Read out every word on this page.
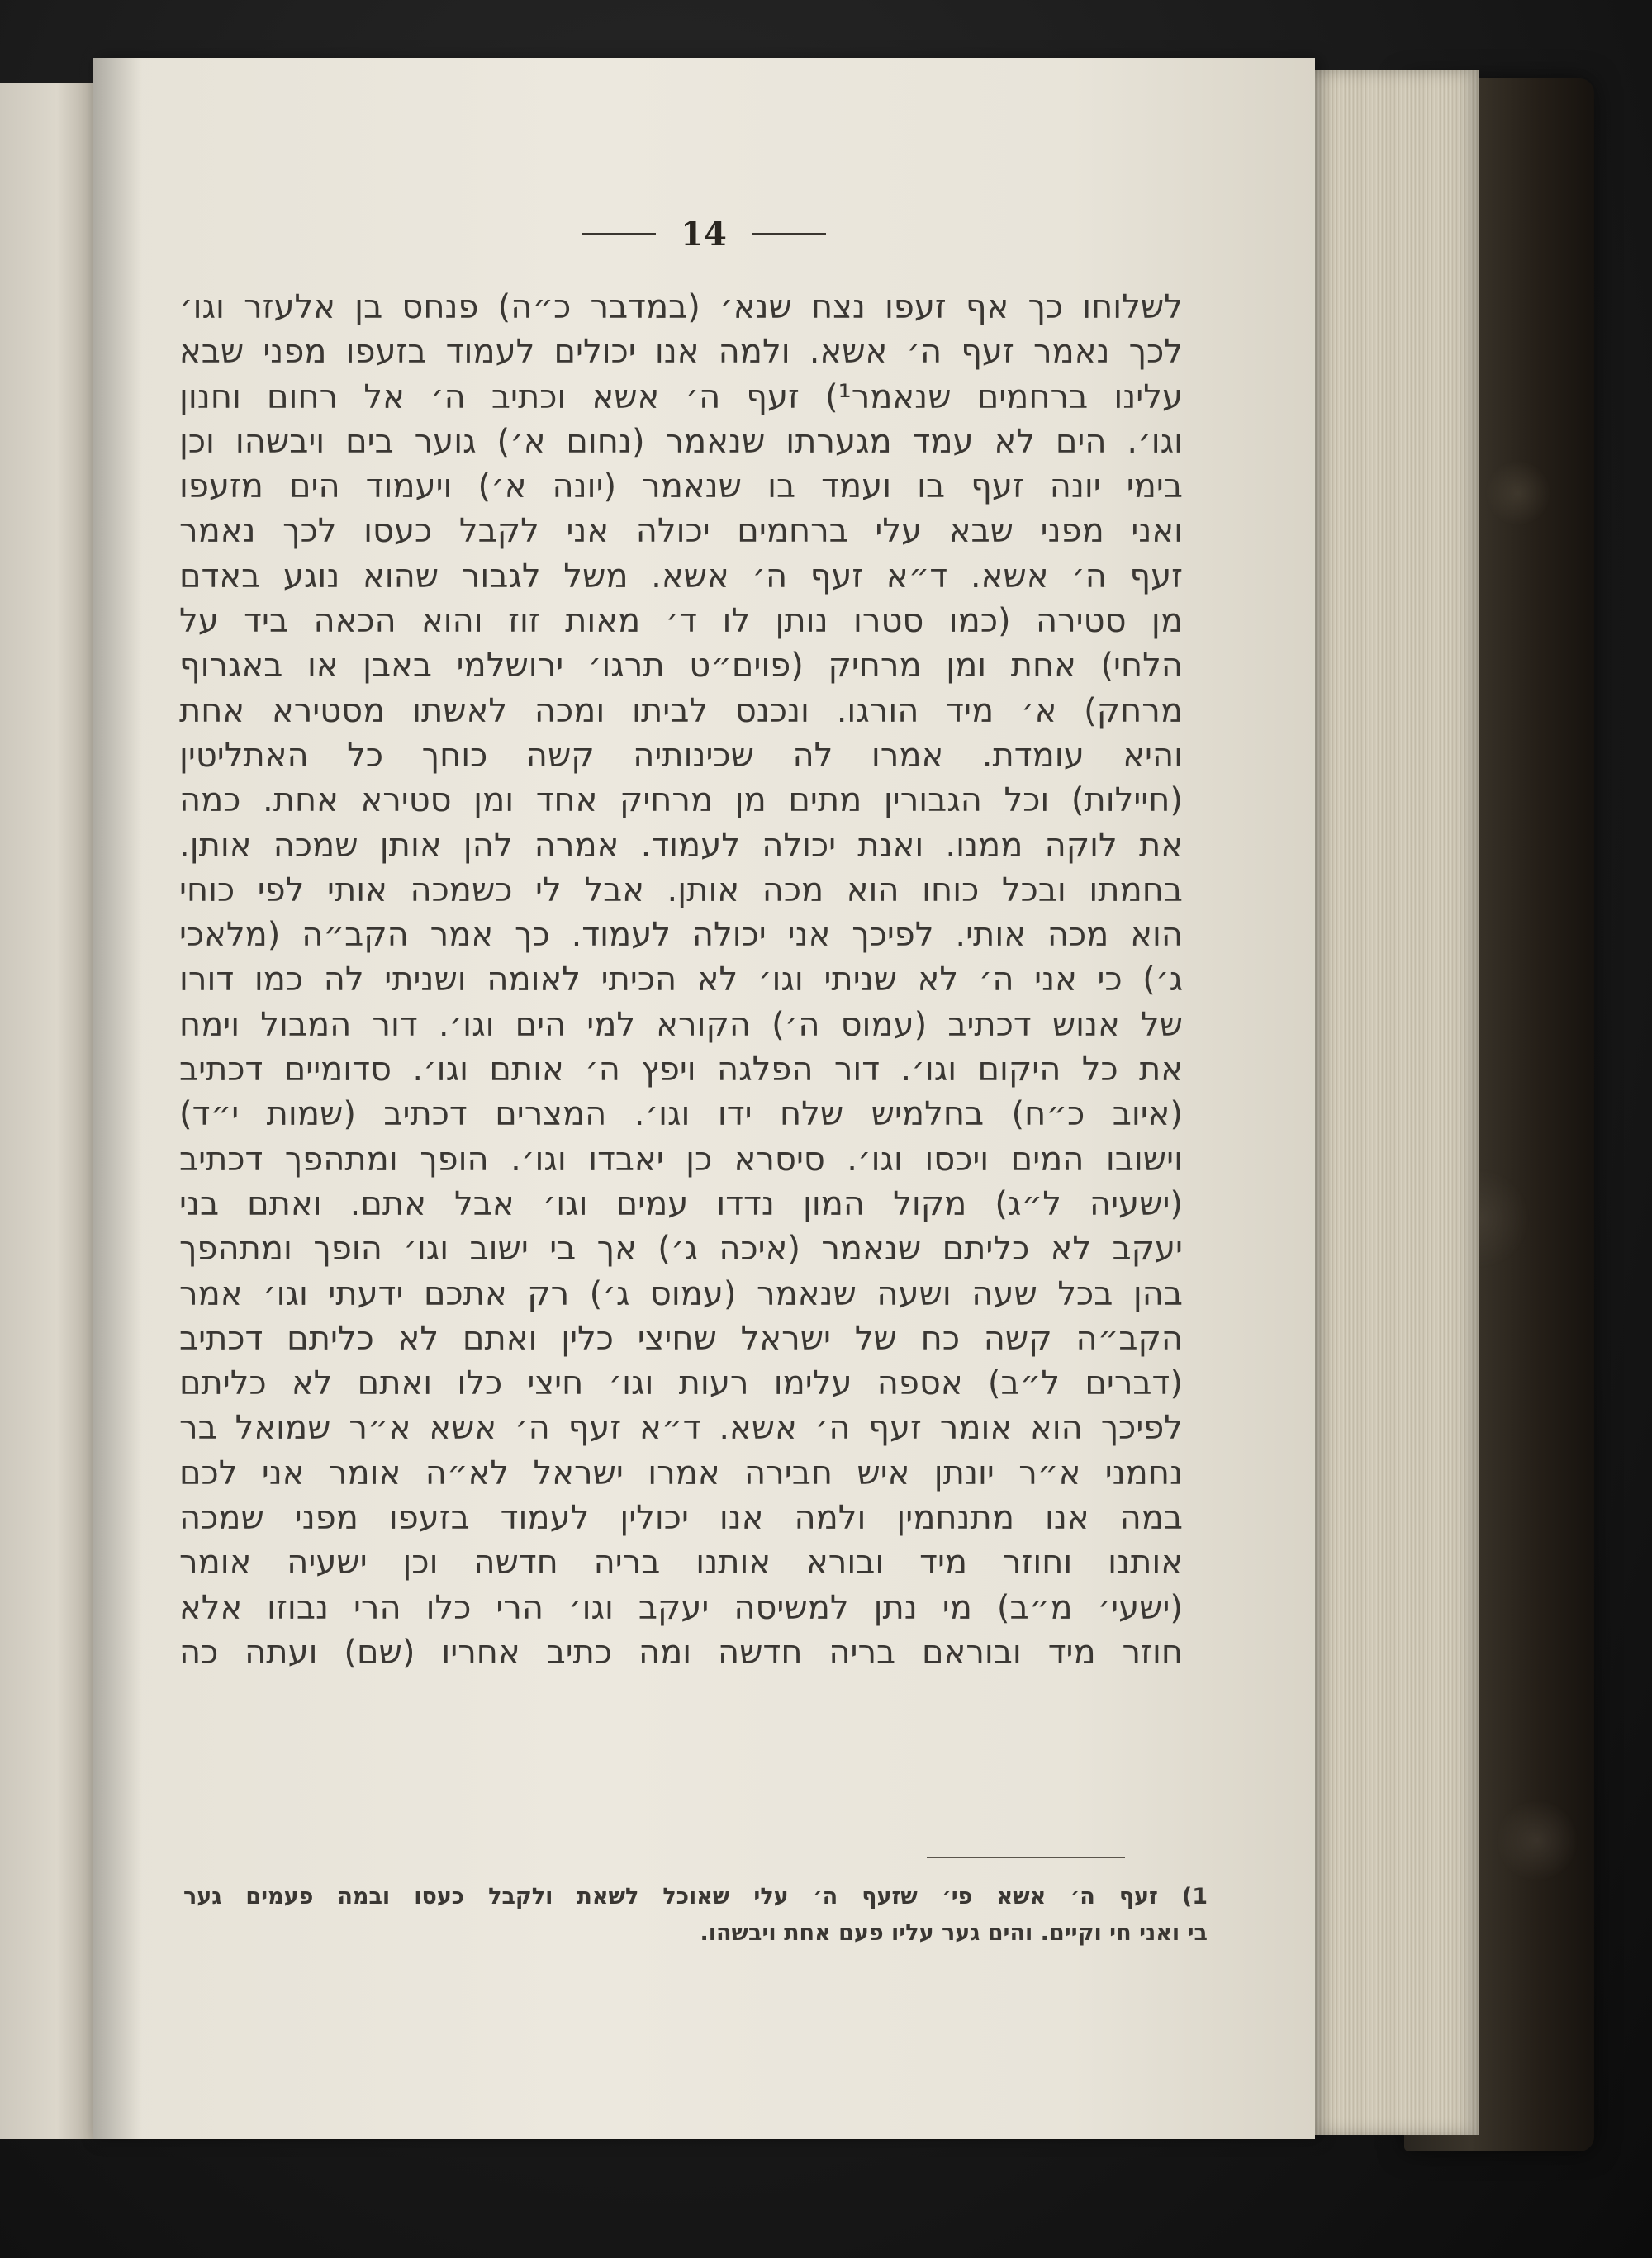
14
לשלוחו כך אף זעפו נצח שנא׳ (במדבר כ״ה) פנחס בן אלעזר וגו׳
לכך נאמר זעף ה׳ אשא. ולמה אנו יכולים לעמוד בזעפו מפני שבא
עלינו ברחמים שנאמר¹) זעף ה׳ אשא וכתיב ה׳ אל רחום וחנון
וגו׳. הים לא עמד מגערתו שנאמר (נחום א׳) גוער בים ויבשהו וכן
בימי יונה זעף בו ועמד בו שנאמר (יונה א׳) ויעמוד הים מזעפו
ואני מפני שבא עלי ברחמים יכולה אני לקבל כעסו לכך נאמר
זעף ה׳ אשא. ד״א זעף ה׳ אשא. משל לגבור שהוא נוגע באדם
מן סטירה (כמו סטרו נותן לו ד׳ מאות זוז והוא הכאה ביד על
הלחי) אחת ומן מרחיק (פוים״ט תרגו׳ ירושלמי באבן או באגרוף
מרחק) א׳ מיד הורגו. ונכנס לביתו ומכה לאשתו מסטירא אחת
והיא עומדת. אמרו לה שכינותיה קשה כוחך כל האתליטין
(חיילות) וכל הגבורין מתים מן מרחיק אחד ומן סטירא אחת. כמה
את לוקה ממנו. ואנת יכולה לעמוד. אמרה להן אותן שמכה אותן.
בחמתו ובכל כוחו הוא מכה אותן. אבל לי כשמכה אותי לפי כוחי
הוא מכה אותי. לפיכך אני יכולה לעמוד. כך אמר הקב״ה (מלאכי
ג׳) כי אני ה׳ לא שניתי וגו׳ לא הכיתי לאומה ושניתי לה כמו דורו
של אנוש דכתיב (עמוס ה׳) הקורא למי הים וגו׳. דור המבול וימח
את כל היקום וגו׳. דור הפלגה ויפץ ה׳ אותם וגו׳. סדומיים דכתיב
(איוב כ״ח) בחלמיש שלח ידו וגו׳. המצרים דכתיב (שמות י״ד)
וישובו המים ויכסו וגו׳. סיסרא כן יאבדו וגו׳. הופך ומתהפך דכתיב
(ישעיה ל״ג) מקול המון נדדו עמים וגו׳ אבל אתם. ואתם בני
יעקב לא כליתם שנאמר (איכה ג׳) אך בי ישוב וגו׳ הופך ומתהפך
בהן בכל שעה ושעה שנאמר (עמוס ג׳) רק אתכם ידעתי וגו׳ אמר
הקב״ה קשה כח של ישראל שחיצי כלין ואתם לא כליתם דכתיב
(דברים ל״ב) אספה עלימו רעות וגו׳ חיצי כלו ואתם לא כליתם
לפיכך הוא אומר זעף ה׳ אשא. ד״א זעף ה׳ אשא א״ר שמואל בר
נחמני א״ר יונתן איש חבירה אמרו ישראל לא״ה אומר אני לכם
במה אנו מתנחמין ולמה אנו יכולין לעמוד בזעפו מפני שמכה
אותנו וחוזר מיד ובורא אותנו בריה חדשה וכן ישעיה אומר
(ישעי׳ מ״ב) מי נתן למשיסה יעקב וגו׳ הרי כלו הרי נבוזו אלא
חוזר מיד ובוראם בריה חדשה ומה כתיב אחריו (שם) ועתה כה
1) זעף ה׳ אשא פי׳ שזעף ה׳ עלי שאוכל לשאת ולקבל כעסו ובמה פעמים גער
בי ואני חי וקיים. והים גער עליו פעם אחת ויבשהו.
